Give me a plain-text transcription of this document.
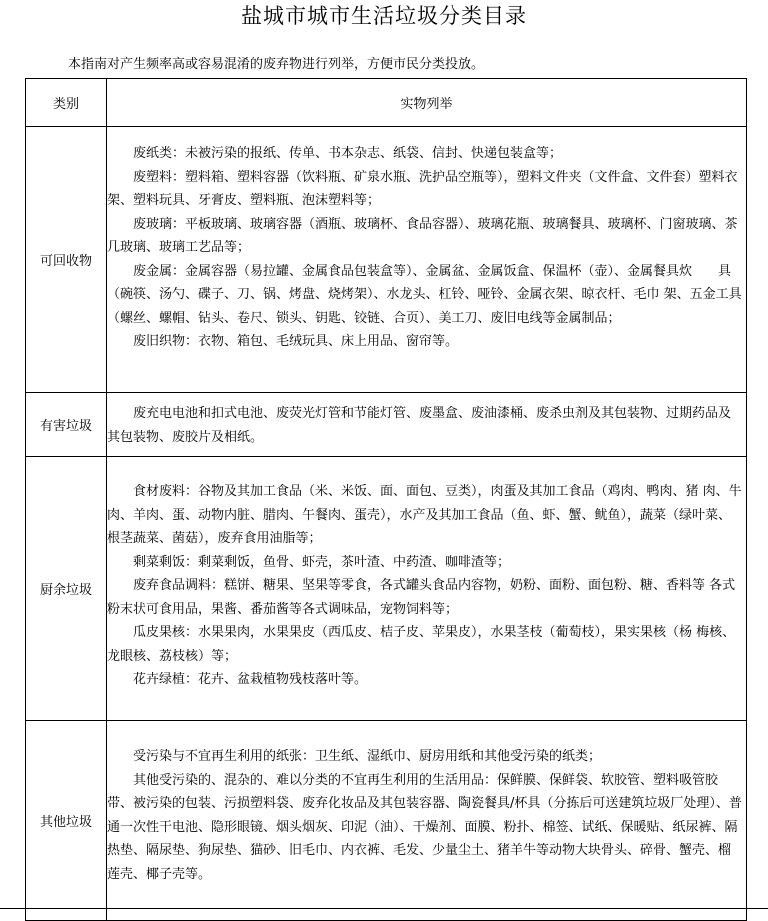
盐城市城市生活垃圾分类目录
本指南对产生频率高或容易混淆的废弃物进行列举，方便市民分类投放。
类别	实物列举
可回收物	废纸类：未被污染的报纸、传单、书本杂志、纸袋、信封、快递包装盒等；

废塑料：塑料箱、塑料容器（饮料瓶、矿泉水瓶、洗护品空瓶等），塑料文件夹（文件盒、文件套）塑料衣架、塑料玩具、牙膏皮、塑料瓶、泡沫塑料等；

废玻璃：平板玻璃、玻璃容器（酒瓶、玻璃杯、食品容器）、玻璃花瓶、玻璃餐具、玻璃杯、门窗玻璃、茶几玻璃、玻璃工艺品等；

废金属：金属容器（易拉罐、金属食品包装盒等）、金属盆、金属饭盒、保温杯（壶）、金属餐具炊　　具（碗筷、汤勺、碟子、刀、锅、烤盘、烧烤架）、水龙头、杠铃、哑铃、金属衣架、晾衣杆、毛巾 架、五金工具（螺丝、螺帽、钻头、卷尺、锁头、钥匙、铰链、合页）、美工刀、废旧电线等金属制品；

废旧织物：衣物、箱包、毛绒玩具、床上用品、窗帘等。

有害垃圾	废充电电池和扣式电池、废荧光灯管和节能灯管、废墨盒、废油漆桶、废杀虫剂及其包装物、过期药品及其包装物、废胶片及相纸。

厨余垃圾	食材废料：谷物及其加工食品（米、米饭、面、面包、豆类），肉蛋及其加工食品（鸡肉、鸭肉、猪 肉、牛肉、羊肉、蛋、动物内脏、腊肉、午餐肉、蛋壳），水产及其加工食品（鱼、虾、蟹、鱿鱼），蔬菜（绿叶菜、根茎蔬菜、菌菇），废弃食用油脂等；

剩菜剩饭：剩菜剩饭，鱼骨、虾壳，茶叶渣、中药渣、咖啡渣等；

废弃食品调料：糕饼、糖果、坚果等零食，各式罐头食品内容物，奶粉、面粉、面包粉、糖、香料等 各式粉末状可食用品，果酱、番茄酱等各式调味品，宠物饲料等；

瓜皮果核：水果果肉，水果果皮（西瓜皮、桔子皮、苹果皮），水果茎枝（葡萄枝），果实果核（杨 梅核、龙眼核、荔枝核）等；

花卉绿植：花卉、盆栽植物残枝落叶等。

其他垃圾	受污染与不宜再生利用的纸张：卫生纸、湿纸巾、厨房用纸和其他受污染的纸类；

其他受污染的、混杂的、难以分类的不宜再生利用的生活用品：保鲜膜、保鲜袋、软胶管、塑料吸管胶带、被污染的包装、污损塑料袋、废弃化妆品及其包装容器、陶瓷餐具/杯具（分拣后可送建筑垃圾厂处理）、普通一次性干电池、隐形眼镜、烟头烟灰、印泥（油）、干燥剂、面膜、粉扑、棉签、试纸、保暖贴、纸尿裤、隔热垫、隔尿垫、狗尿垫、猫砂、旧毛巾、内衣裤、毛发、少量尘土、猪羊牛等动物大块骨头、碎骨、蟹壳、榴莲壳、椰子壳等。
